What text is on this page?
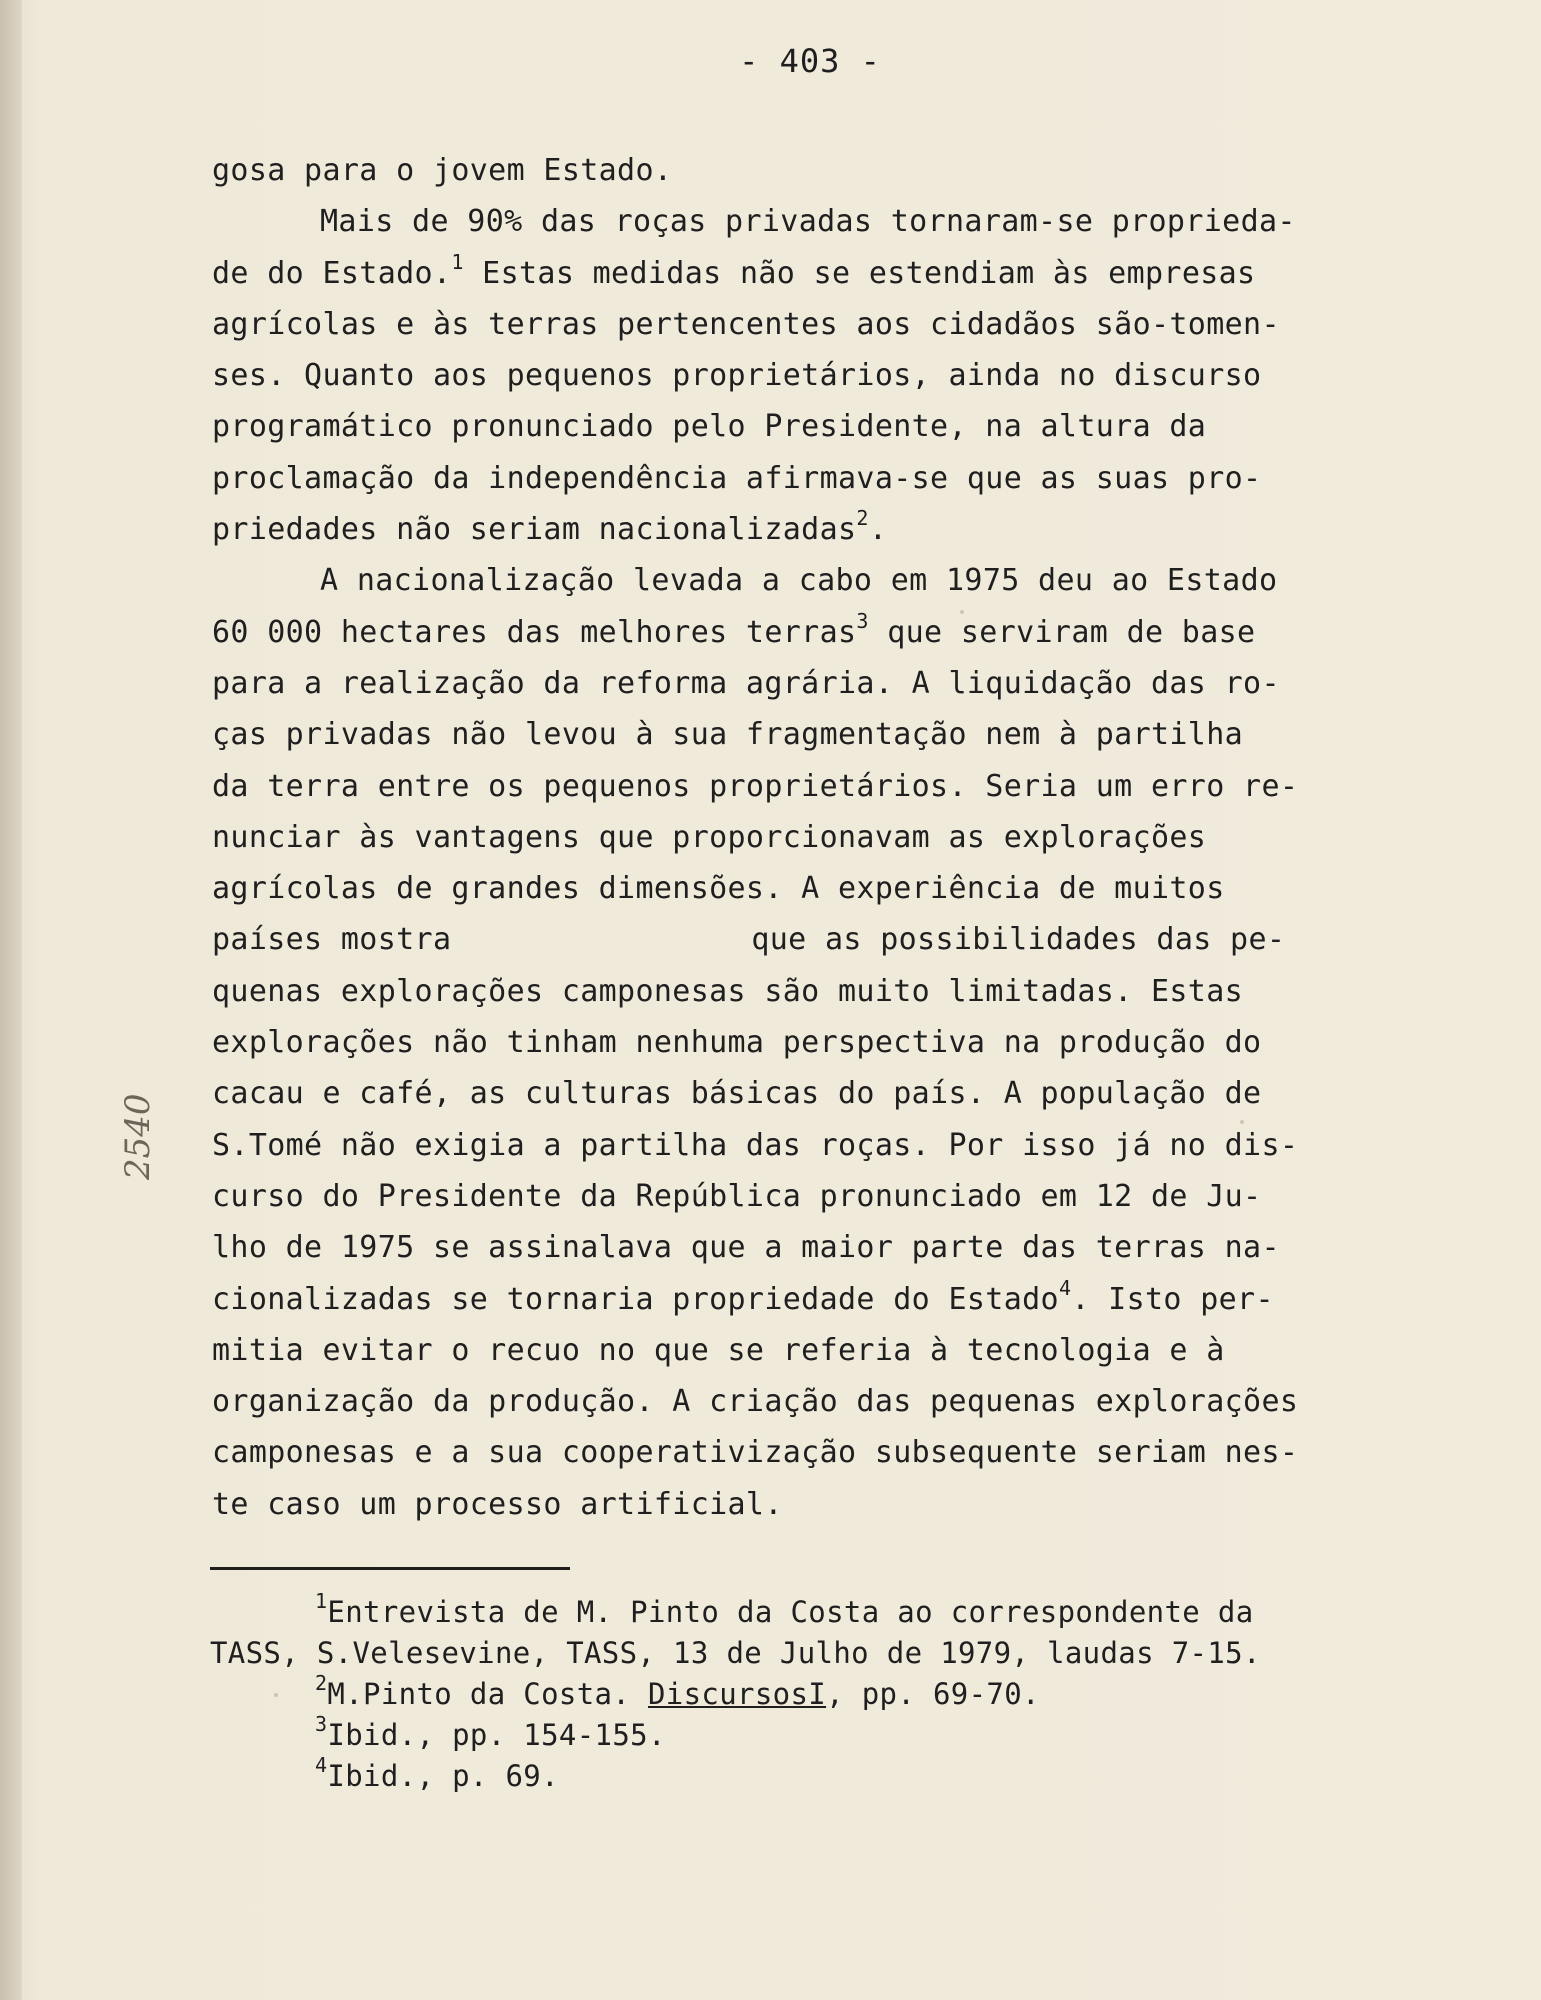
- 403 -
2540
gosa para o jovem Estado.
Mais de 90% das roças privadas tornaram-se proprieda-
de do Estado.$^1$ Estas medidas não se estendiam às empresas
agrícolas e às terras pertencentes aos cidadãos são-tomen-
ses. Quanto aos pequenos proprietários, ainda no discurso
programático pronunciado pelo Presidente, na altura da
proclamação da independência afirmava-se que as suas pro-
priedades não seriam nacionalizadas$^2$.
A nacionalização levada a cabo em 1975 deu ao Estado
60 000 hectares das melhores terras$^3$ que serviram de base
para a realização da reforma agrária. A liquidação das ro-
ças privadas não levou à sua fragmentação nem à partilha
da terra entre os pequenos proprietários. Seria um erro re-
nunciar às vantagens que proporcionavam as explorações
agrícolas de grandes dimensões. A experiência de muitos
países mostra	que as possibilidades das pe-
quenas explorações camponesas são muito limitadas. Estas
explorações não tinham nenhuma perspectiva na produção do
cacau e café, as culturas básicas do país. A população de
S.Tomé não exigia a partilha das roças. Por isso já no dis-
curso do Presidente da República pronunciado em 12 de Ju-
lho de 1975 se assinalava que a maior parte das terras na-
cionalizadas se tornaria propriedade do Estado$^4$. Isto per-
mitia evitar o recuo no que se referia à tecnologia e à
organização da produção. A criação das pequenas explorações
camponesas e a sua cooperativização subsequente seriam nes-
te caso um processo artificial.
$^1$Entrevista de M. Pinto da Costa ao correspondente da
TASS, S.Velesevine, TASS, 13 de Julho de 1979, laudas 7-15.
$^2$M.Pinto da Costa. DiscursosI, pp. 69-70.
$^3$Ibid., pp. 154-155.
$^4$Ibid., p. 69.
